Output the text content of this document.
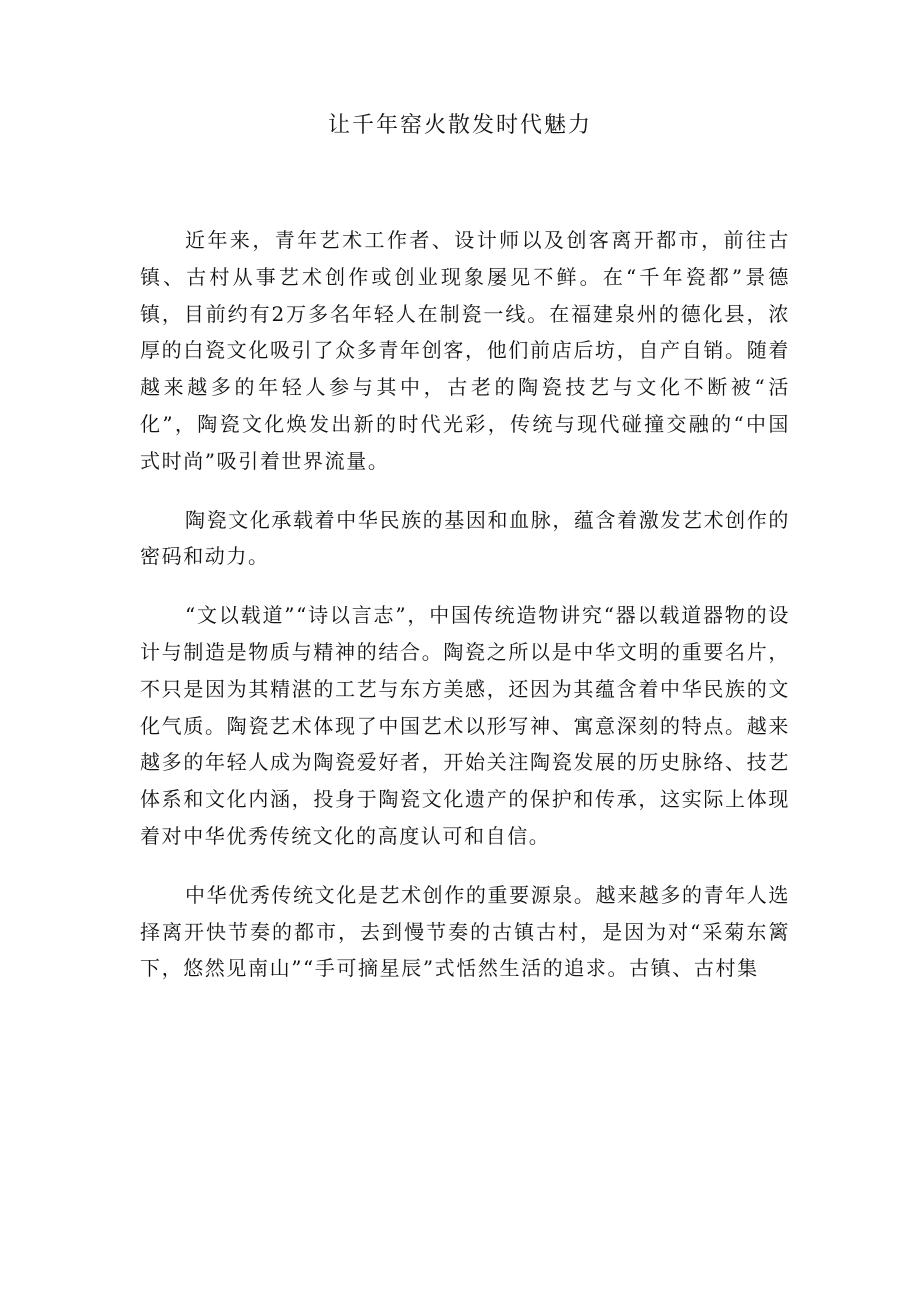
让千年窑火散发时代魅力

近年来，青年艺术工作者、设计师以及创客离开都市，前往古镇、古村从事艺术创作或创业现象屡见不鲜。在“千年瓷都”景德镇，目前约有2万多名年轻人在制瓷一线。在福建泉州的德化县，浓厚的白瓷文化吸引了众多青年创客，他们前店后坊，自产自销。随着越来越多的年轻人参与其中，古老的陶瓷技艺与文化不断被“活化”，陶瓷文化焕发出新的时代光彩，传统与现代碰撞交融的“中国式时尚”吸引着世界流量。

陶瓷文化承载着中华民族的基因和血脉，蕴含着激发艺术创作的密码和动力。

“文以载道”“诗以言志”，中国传统造物讲究“器以载道器物的设计与制造是物质与精神的结合。陶瓷之所以是中华文明的重要名片，不只是因为其精湛的工艺与东方美感，还因为其蕴含着中华民族的文化气质。陶瓷艺术体现了中国艺术以形写神、寓意深刻的特点。越来越多的年轻人成为陶瓷爱好者，开始关注陶瓷发展的历史脉络、技艺体系和文化内涵，投身于陶瓷文化遗产的保护和传承，这实际上体现着对中华优秀传统文化的高度认可和自信。

中华优秀传统文化是艺术创作的重要源泉。越来越多的青年人选择离开快节奏的都市，去到慢节奏的古镇古村，是因为对“采菊东篱下，悠然见南山”“手可摘星辰”式恬然生活的追求。古镇、古村集
